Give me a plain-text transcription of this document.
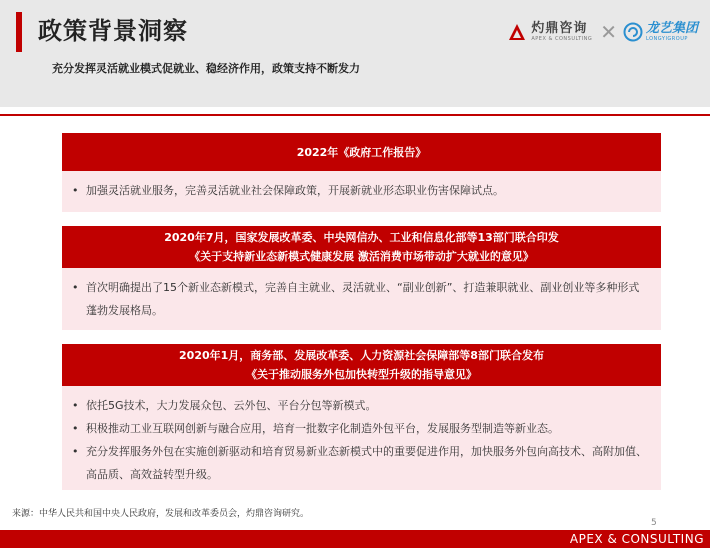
政策背景洞察
充分发挥灵活就业模式促就业、稳经济作用，政策支持不断发力
灼鼎咨询
APEX & CONSULTING ✕ 龙艺集团
LONGYIGROUP
2022年《政府工作报告》
• 加强灵活就业服务，完善灵活就业社会保障政策，开展新就业形态职业伤害保障试点。
2020年7月，国家发展改革委、中央网信办、工业和信息化部等13部门联合印发
《关于支持新业态新模式健康发展 激活消费市场带动扩大就业的意见》
• 首次明确提出了15个新业态新模式，完善自主就业、灵活就业、“副业创新”、打造兼职就业、副业创业等多种形式蓬勃发展格局。
2020年1月，商务部、发展改革委、人力资源社会保障部等8部门联合发布
《关于推动服务外包加快转型升级的指导意见》
• 依托5G技术，大力发展众包、云外包、平台分包等新模式。
• 积极推动工业互联网创新与融合应用，培育一批数字化制造外包平台，发展服务型制造等新业态。
• 充分发挥服务外包在实施创新驱动和培育贸易新业态新模式中的重要促进作用，加快服务外包向高技术、高附加值、高品质、高效益转型升级。
来源：中华人民共和国中央人民政府，发展和改革委员会，灼鼎咨询研究。
5
APEX & CONSULTING
